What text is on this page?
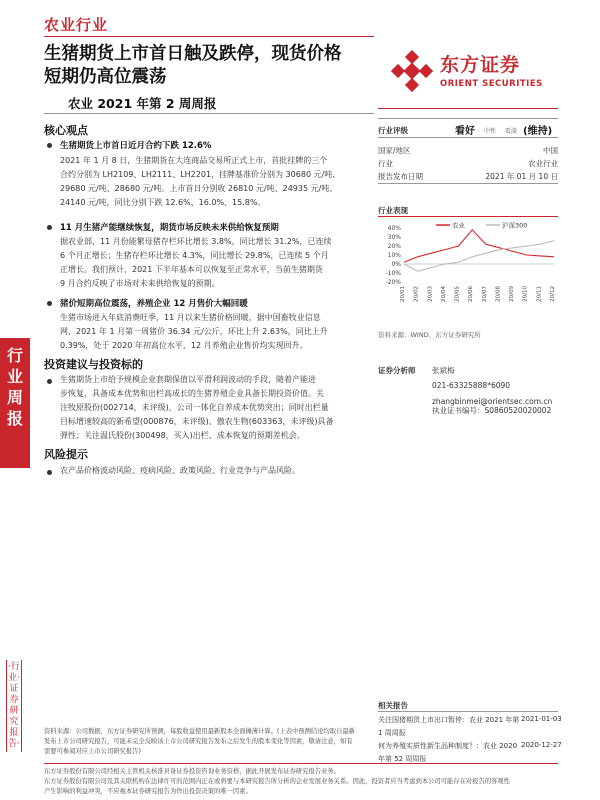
农业行业
生猪期货上市首日触及跌停，现货价格
短期仍高位震荡
农业 2021 年第 2 周周报
东方证券
ORIENT SECURITIES
行业周报
·行业·证券研究报告·
核心观点
生猪期货上市首日近月合约下跌 12.6%
2021 年 1 月 8 日，生猪期货在大连商品交易所正式上市，首批挂牌的三个
合约分别为 LH2109、LH2111、LH2201，挂牌基准价分别为 30680 元/吨、
29680 元/吨、28680 元/吨。上市首日分别收 26810 元/吨、24935 元/吨、
24140 元/吨，同比分别下跌 12.6%、16.0%、15.8%。
11 月生猪产能继续恢复，期货市场反映未来供给恢复预期
据农业部，11 月份能繁母猪存栏环比增长 3.8%，同比增长 31.2%，已连续
6 个月正增长；生猪存栏环比增长 4.3%，同比增长 29.8%，已连续 5 个月
正增长。我们预计，2021 下半年基本可以恢复至正常水平，当前生猪期货
9 月合约反映了市场对未来供给恢复的预期。
猪价短期高位震荡，养殖企业 12 月售价大幅回暖
生猪市场进入年底消费旺季，11 月以来生猪价格回暖，据中国畜牧业信息
网，2021 年 1 月第一周猪价 36.34 元/公斤，环比上升 2.63%，同比上升
0.39%，处于 2020 年初高位水平，12 月养殖企业售价均实现回升。
投资建议与投资标的
生猪期货上市给予规模企业套期保值以平滑利润波动的手段，随着产能进
步恢复，具备成本优势和出栏高成长的生猪养殖企业具备长期投资价值。关
注牧原股份(002714，未评级)，公司一体化自养成本优势突出；同时出栏量
目标增速较高的新希望(000876，未评级)、傲农生物(603363，未评级)具备
弹性；关注温氏股份(300498，买入)出栏、成本恢复的预期差机会。
风险提示
农产品价格波动风险、疫病风险、政策风险、行业竞争与产品风险。
行业评级	看好 中性 看淡 (维持)
国家/地区	中国
行业	农业行业
报告发布日期	2021 年 01 月 10 日
行业表现
40%
30%
20%
10%
0%
-10%
-20%
20/01 20/02 20/03 20/04 20/05 20/06 20/07 20/08 20/09 20/10 20/11 20/12
农业	沪深300
资料来源：WIND、东方证券研究所
证券分析师 张斌梅
021-63325888*6090
zhangbinmei@orientsec.com.cn
执业证书编号：S0860520020002
相关报告
关注国猪期货上市出口暂停：农业 2021 年第 2021-01-03
1 周周报
何为养殖实质性新生品种制度？：农业 2020 2020-12-27
年第 52 周周报
资料来源：公司数据，东方证券研究所预测，每股收益使用最新股本全面摊薄计算。(上表中预测结论均取自最新
发布上市公司研究报告，可能未完全反映该上市公司研究报告发布之后发生的股本变化等因素，敬请注意，如有
需要可参阅对应上市公司研究报告)
东方证券股份有限公司经相关主管机关核准具备证券投资咨询业务资格，据此开展发布证券研究报告业务。
东方证券股份有限公司及其关联机构在法律许可的范围内正在或将要与本研究报告所分析的企业发展业务关系。因此，投资者应当考虑到本公司可能存在对报告的客观性
产生影响的利益冲突，不应视本证券研究报告为作出投资决策的唯一因素。
